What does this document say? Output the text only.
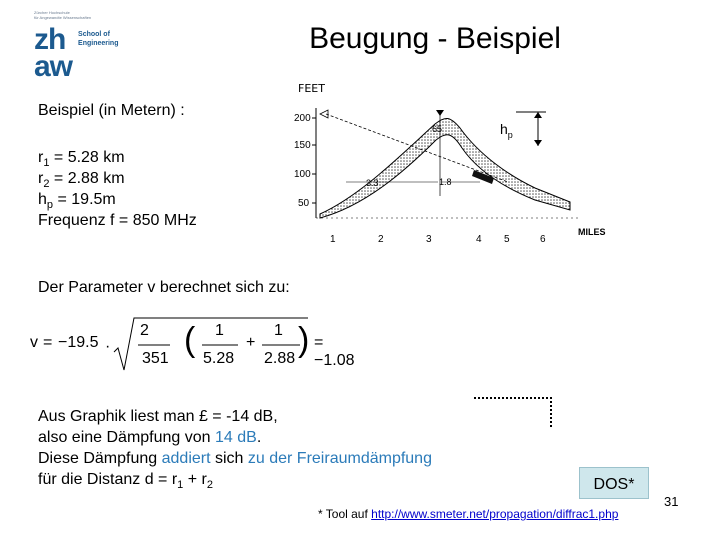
Zürcher Hochschule
für Angewandte Wissenschaften
zh
aw
School of
Engineering	Beugung - Beispiel
Beispiel (in Metern) :
$r_1 = 5.28$ km
$r_2 = 2.88$ km
$h_p = 19.5m$
Frequenz f = 850 MHz
FEET
200
150
100
50
1	2	3	4 5	6
MILES
65
3.3	1.8
$h_p$
Der Parameter v berechnet sich zu:
v = −19.5 ·
2
351 ( 1
5.28
+
1
2.88 ) = −1.08
Aus Graphik liest man £ = -14 dB,
also eine Dämpfung von 14 dB.
Diese Dämpfung addiert sich zu der Freiraumdämpfung
für die Distanz $d = r_1 + r_2$	DOS*
31
* Tool auf http://www.smeter.net/propagation/diffrac1.php
